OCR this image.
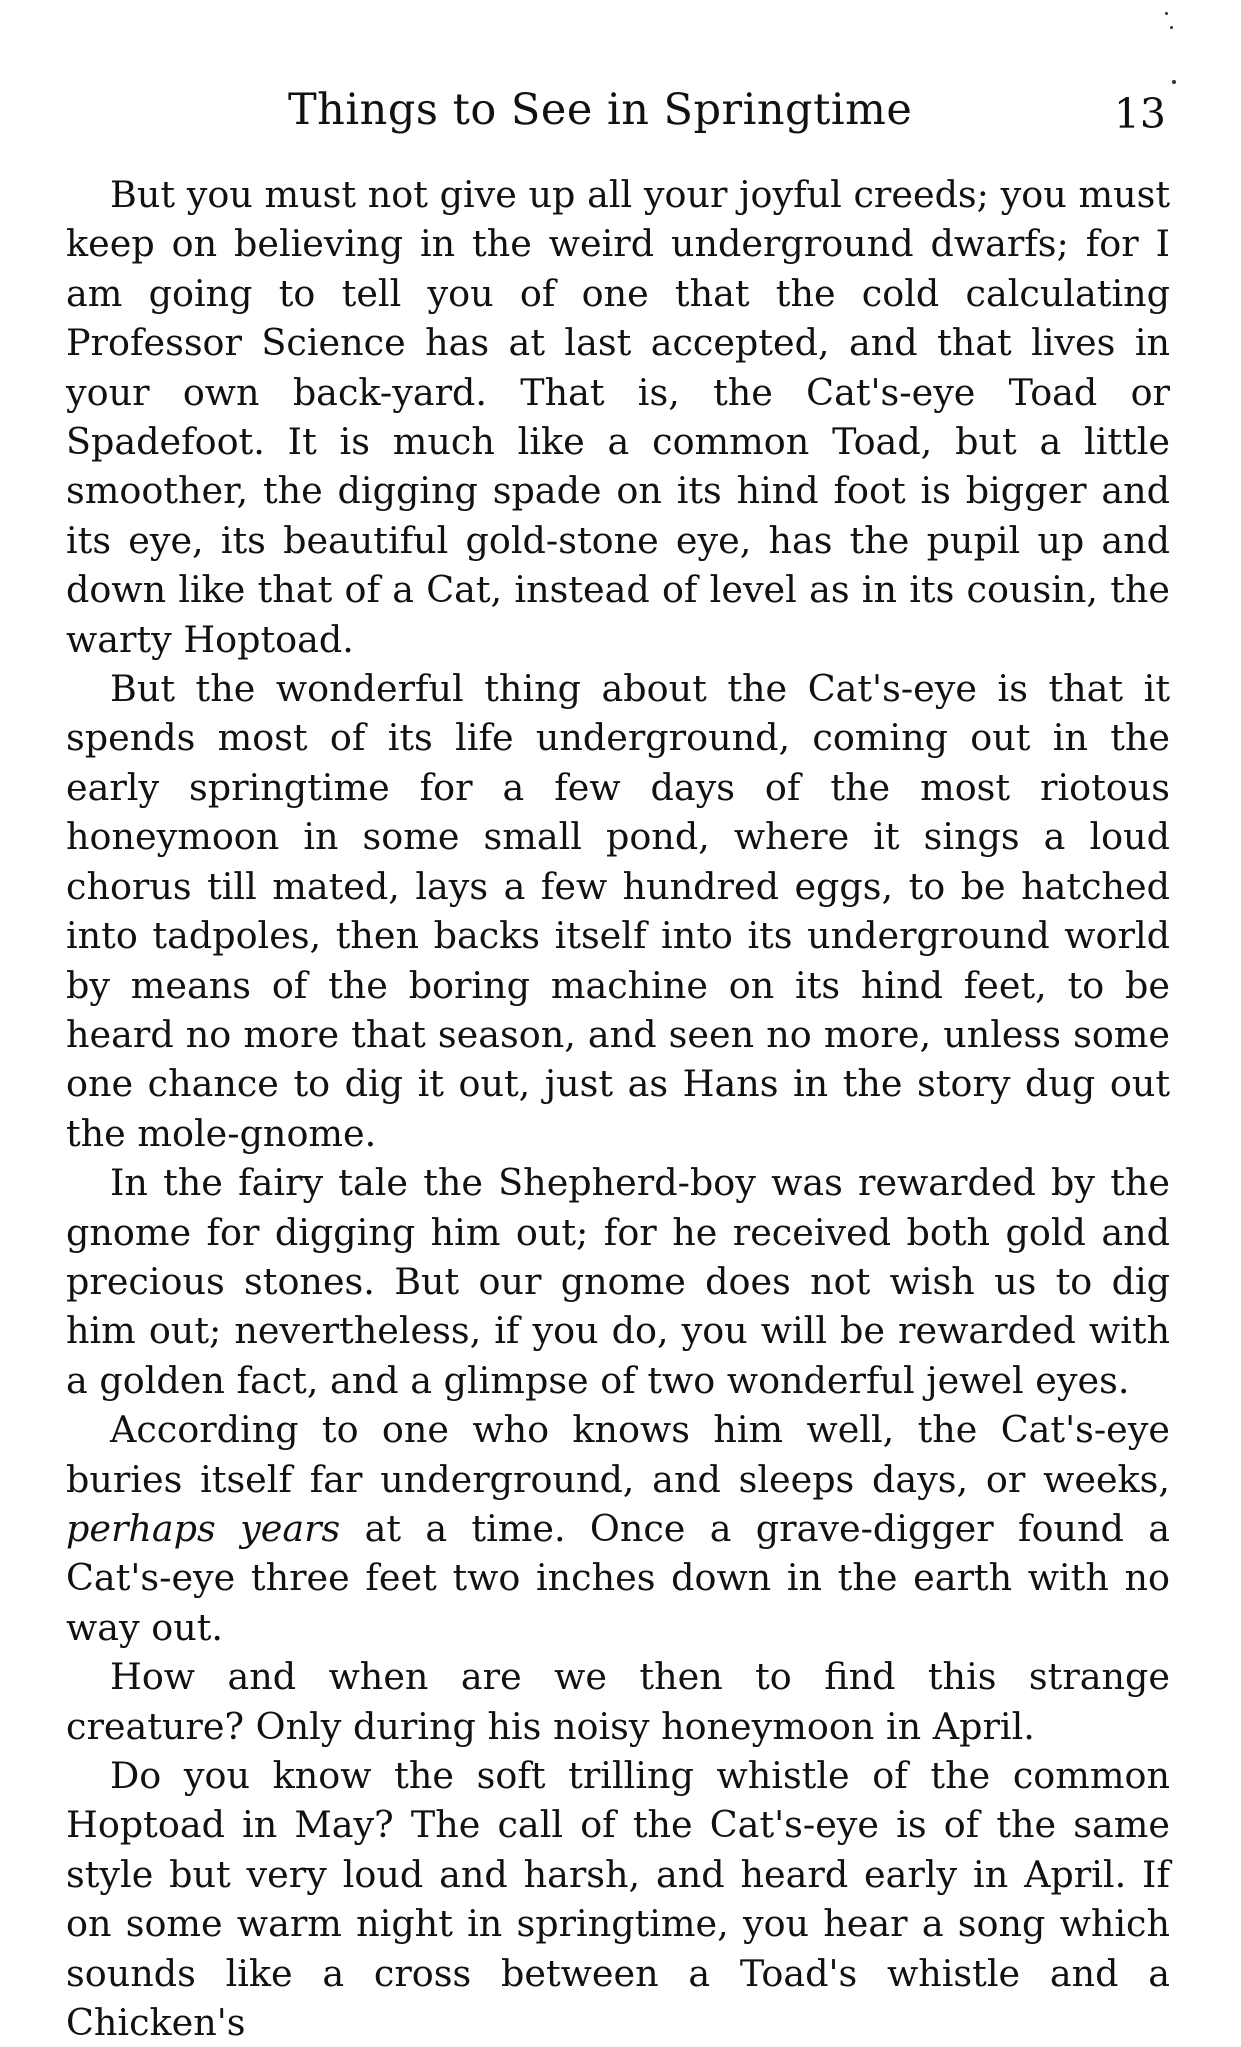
Things to See in Springtime	13

But you must not give up all your joyful creeds; you must keep on believing in the weird underground dwarfs; for I am going to tell you of one that the cold calculating Professor Science has at last accepted, and that lives in your own back-yard. That is, the Cat's-eye Toad or Spadefoot. It is much like a common Toad, but a little smoother, the digging spade on its hind foot is bigger and its eye, its beautiful gold-stone eye, has the pupil up and down like that of a Cat, instead of level as in its cousin, the warty Hoptoad.

But the wonderful thing about the Cat's-eye is that it spends most of its life underground, coming out in the early springtime for a few days of the most riotous honeymoon in some small pond, where it sings a loud chorus till mated, lays a few hundred eggs, to be hatched into tadpoles, then backs itself into its underground world by means of the boring machine on its hind feet, to be heard no more that season, and seen no more, unless some one chance to dig it out, just as Hans in the story dug out the mole-gnome.

In the fairy tale the Shepherd-boy was rewarded by the gnome for digging him out; for he received both gold and precious stones. But our gnome does not wish us to dig him out; nevertheless, if you do, you will be rewarded with a golden fact, and a glimpse of two wonderful jewel eyes.

According to one who knows him well, the Cat's-eye buries itself far underground, and sleeps days, or weeks, perhaps years at a time. Once a grave-digger found a Cat's-eye three feet two inches down in the earth with no way out.

How and when are we then to find this strange creature? Only during his noisy honeymoon in April.

Do you know the soft trilling whistle of the common Hoptoad in May? The call of the Cat's-eye is of the same style but very loud and harsh, and heard early in April. If on some warm night in springtime, you hear a song which sounds like a cross between a Toad's whistle and a Chicken's
